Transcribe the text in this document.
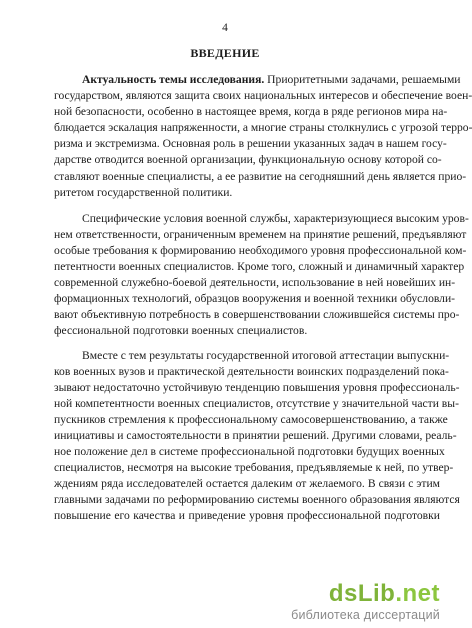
4
ВВЕДЕНИЕ
Актуальность темы исследования. Приоритетными задачами, решаемыми
государством, являются защита своих национальных интересов и обеспечение воен-
ной безопасности, особенно в настоящее время, когда в ряде регионов мира на-
блюдается эскалация напряженности, а многие страны столкнулись с угрозой терро-
ризма и экстремизма. Основная роль в решении указанных задач в нашем госу-
дарстве отводится военной организации, функциональную основу которой со-
ставляют военные специалисты, а ее развитие на сегодняшний день является прио-
ритетом государственной политики.
Специфические условия военной службы, характеризующиеся высоким уров-
нем ответственности, ограниченным временем на принятие решений, предъявляют
особые требования к формированию необходимого уровня профессиональной ком-
петентности военных специалистов. Кроме того, сложный и динамичный характер
современной служебно-боевой деятельности, использование в ней новейших ин-
формационных технологий, образцов вооружения и военной техники обусловли-
вают объективную потребность в совершенствовании сложившейся системы про-
фессиональной подготовки военных специалистов.
Вместе с тем результаты государственной итоговой аттестации выпускни-
ков военных вузов и практической деятельности воинских подразделений пока-
зывают недостаточно устойчивую тенденцию повышения уровня профессиональ-
ной компетентности военных специалистов, отсутствие у значительной части вы-
пускников стремления к профессиональному самосовершенствованию, а также
инициативы и самостоятельности в принятии решений. Другими словами, реаль-
ное положение дел в системе профессиональной подготовки будущих военных
специалистов, несмотря на высокие требования, предъявляемые к ней, по утвер-
ждениям ряда исследователей остается далеким от желаемого. В связи с этим
главными задачами по реформированию системы военного образования являются
повышение его качества и приведение уровня профессиональной подготовки
dsLib .net
библиотека диссертаций
